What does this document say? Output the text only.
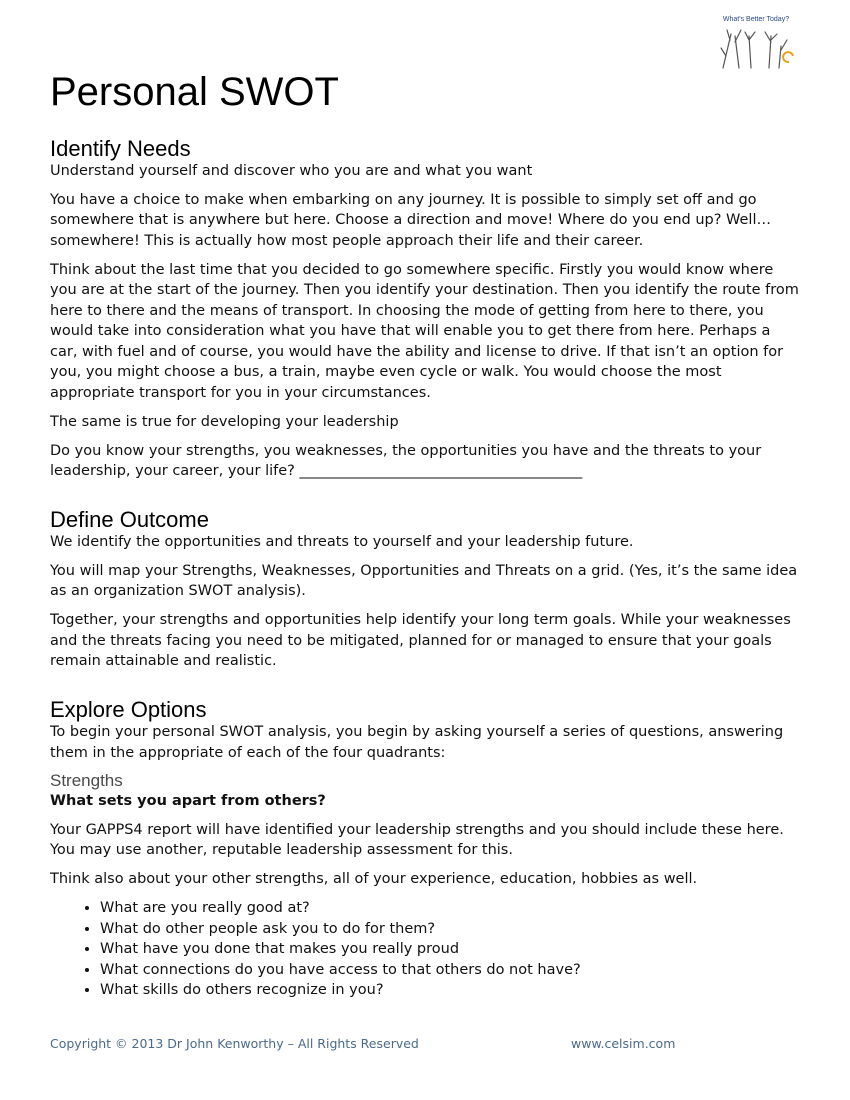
What's Better Today?
Personal SWOT
Identify Needs

Understand yourself and discover who you are and what you want

You have a choice to make when embarking on any journey. It is possible to simply set off and go somewhere that is anywhere but here. Choose a direction and move! Where do you end up? Well… somewhere! This is actually how most people approach their life and their career.

Think about the last time that you decided to go somewhere specific. Firstly you would know where you are at the start of the journey. Then you identify your destination. Then you identify the route from here to there and the means of transport. In choosing the mode of getting from here to there, you would take into consideration what you have that will enable you to get there from here. Perhaps a car, with fuel and of course, you would have the ability and license to drive. If that isn’t an option for you, you might choose a bus, a train, maybe even cycle or walk. You would choose the most appropriate transport for you in your circumstances.

The same is true for developing your leadership

Do you know your strengths, you weaknesses, the opportunities you have and the threats to your leadership, your career, your life? _______________________________________

Define Outcome

We identify the opportunities and threats to yourself and your leadership future.

You will map your Strengths, Weaknesses, Opportunities and Threats on a grid. (Yes, it’s the same idea as an organization SWOT analysis).

Together, your strengths and opportunities help identify your long term goals. While your weaknesses and the threats facing you need to be mitigated, planned for or managed to ensure that your goals remain attainable and realistic.

Explore Options

To begin your personal SWOT analysis, you begin by asking yourself a series of questions, answering them in the appropriate of each of the four quadrants:

Strengths

What sets you apart from others?

Your GAPPS4 report will have identified your leadership strengths and you should include these here. You may use another, reputable leadership assessment for this.

Think also about your other strengths, all of your experience, education, hobbies as well.

• What are you really good at?
• What do other people ask you to do for them?
• What have you done that makes you really proud
• What connections do you have access to that others do not have?
• What skills do others recognize in you?
Copyright © 2013 Dr John Kenworthy – All Rights Reserved	www.celsim.com
